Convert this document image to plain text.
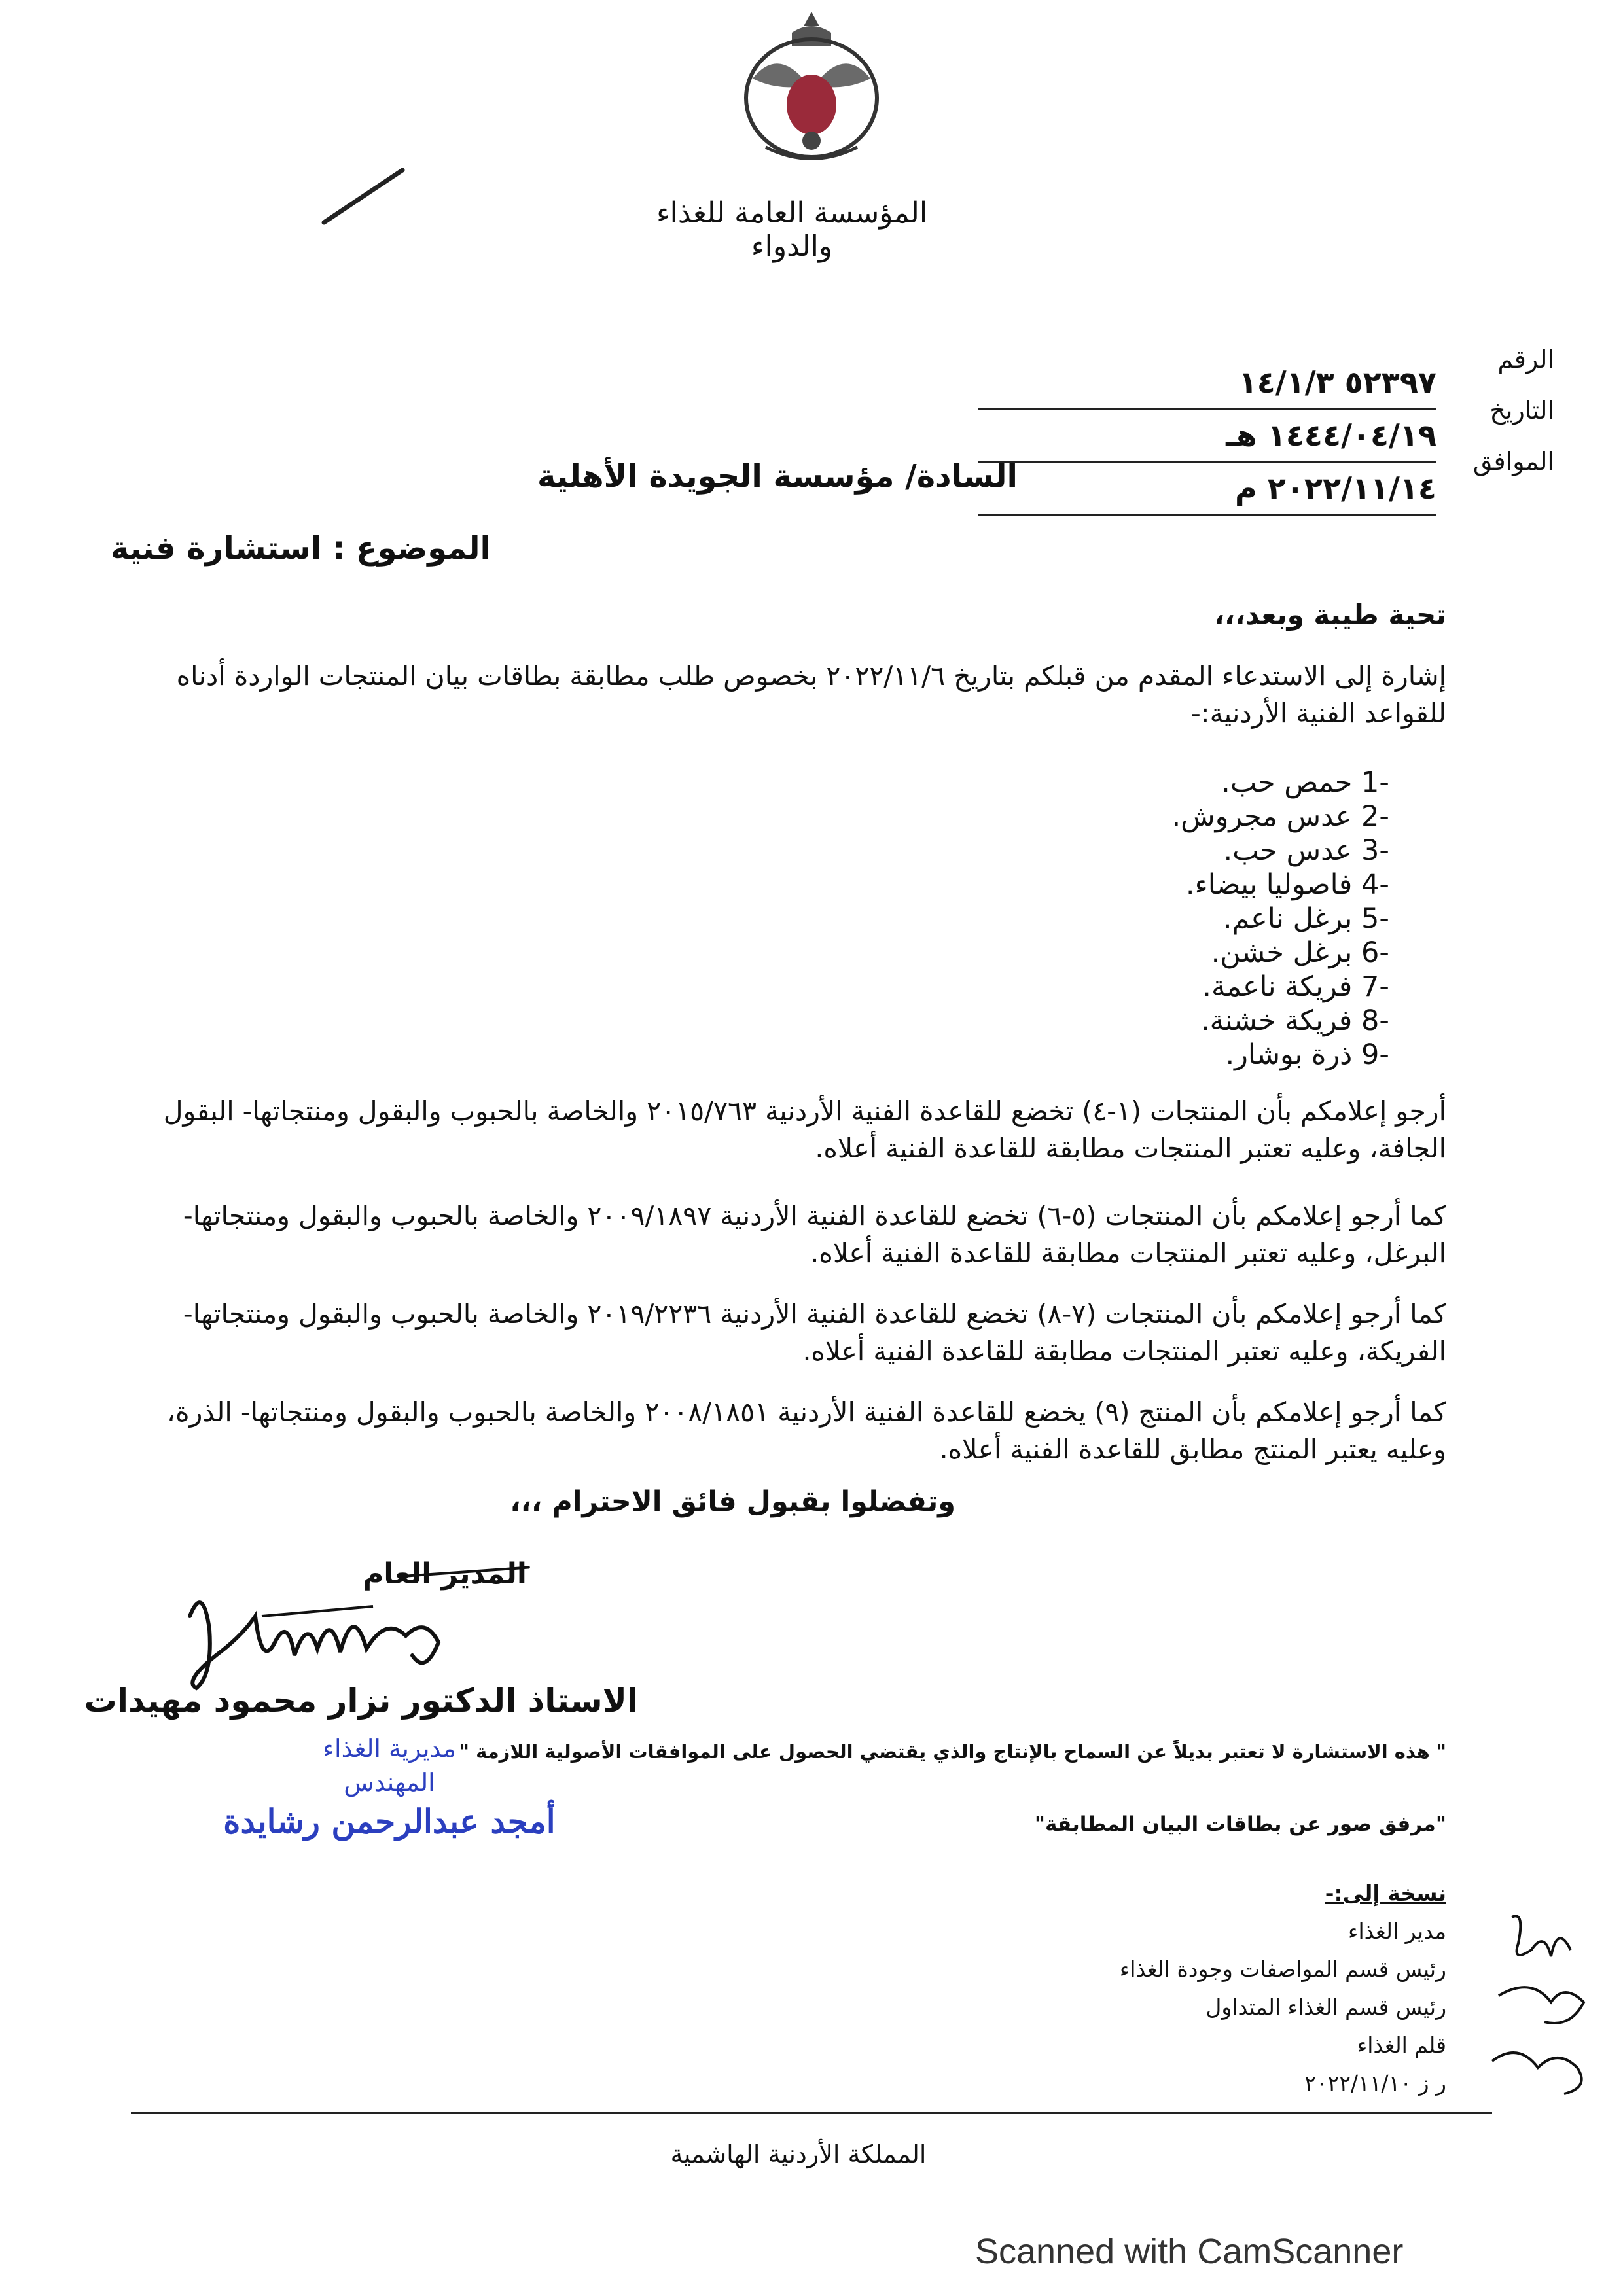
المؤسسة العامة للغذاء والدواء
الرقم
التاريخ
الموافق
٥٢٣٩٧ ١٤/١/٣
١٤٤٤/٠٤/١٩ هـ
٢٠٢٢/١١/١٤ م
السادة/ مؤسسة الجويدة الأهلية
الموضوع : استشارة فنية
تحية طيبة وبعد،،،
إشارة إلى الاستدعاء المقدم من قبلكم بتاريخ ٢٠٢٢/١١/٦ بخصوص طلب مطابقة بطاقات بيان المنتجات الواردة أدناه للقواعد الفنية الأردنية:-
1- حمص حب.
2- عدس مجروش.
3- عدس حب.
4- فاصوليا بيضاء.
5- برغل ناعم.
6- برغل خشن.
7- فريكة ناعمة.
8- فريكة خشنة.
9- ذرة بوشار.
أرجو إعلامكم بأن المنتجات (١-٤) تخضع للقاعدة الفنية الأردنية ٢٠١٥/٧٦٣ والخاصة بالحبوب والبقول ومنتجاتها- البقول الجافة، وعليه تعتبر المنتجات مطابقة للقاعدة الفنية أعلاه.
كما أرجو إعلامكم بأن المنتجات (٥-٦) تخضع للقاعدة الفنية الأردنية ٢٠٠٩/١٨٩٧ والخاصة بالحبوب والبقول ومنتجاتها- البرغل، وعليه تعتبر المنتجات مطابقة للقاعدة الفنية أعلاه.
كما أرجو إعلامكم بأن المنتجات (٧-٨) تخضع للقاعدة الفنية الأردنية ٢٠١٩/٢٢٣٦ والخاصة بالحبوب والبقول ومنتجاتها- الفريكة، وعليه تعتبر المنتجات مطابقة للقاعدة الفنية أعلاه.
كما أرجو إعلامكم بأن المنتج (٩) يخضع للقاعدة الفنية الأردنية ٢٠٠٨/١٨٥١ والخاصة بالحبوب والبقول ومنتجاتها- الذرة، وعليه يعتبر المنتج مطابق للقاعدة الفنية أعلاه.
وتفضلوا بقبول فائق الاحترام ،،،
المدير العام
الاستاذ الدكتور نزار محمود مهيدات
" هذه الاستشارة لا تعتبر بديلاً عن السماح بالإنتاج والذي يقتضي الحصول على الموافقات الأصولية اللازمة "
"مرفق صور عن بطاقات البيان المطابقة"
مديرية الغذاء
المهندس
أمجد عبدالرحمن رشايدة
نسخة إلى:-
مدير الغذاء
رئيس قسم المواصفات وجودة الغذاء
رئيس قسم الغذاء المتداول
قلم الغذاء
ر ز ٢٠٢٢/١١/١٠
المملكة الأردنية الهاشمية
Scanned with CamScanner
